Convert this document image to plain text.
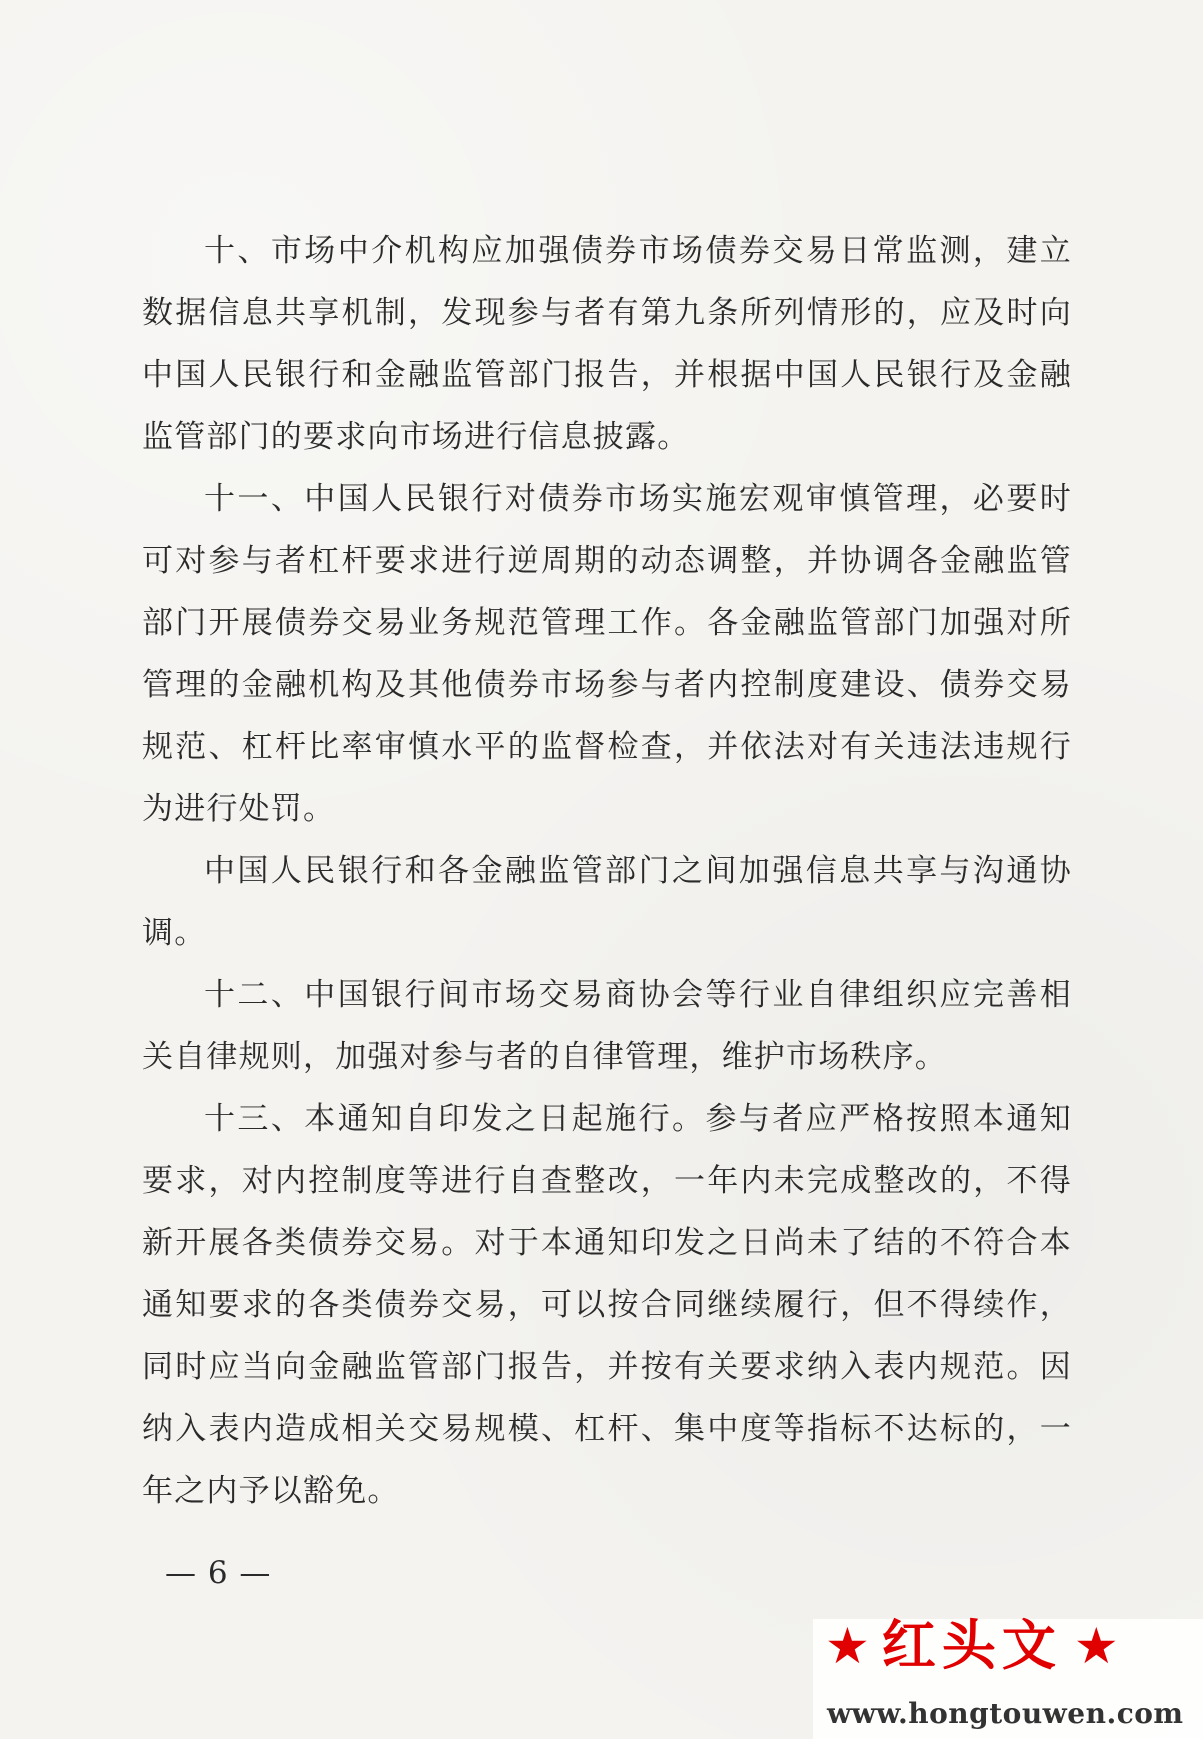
十、市场中介机构应加强债券市场债券交易日常监测，建立数据信息共享机制，发现参与者有第九条所列情形的，应及时向中国人民银行和金融监管部门报告，并根据中国人民银行及金融监管部门的要求向市场进行信息披露。

十一、中国人民银行对债券市场实施宏观审慎管理，必要时可对参与者杠杆要求进行逆周期的动态调整，并协调各金融监管部门开展债券交易业务规范管理工作。各金融监管部门加强对所管理的金融机构及其他债券市场参与者内控制度建设、债券交易规范、杠杆比率审慎水平的监督检查，并依法对有关违法违规行为进行处罚。

中国人民银行和各金融监管部门之间加强信息共享与沟通协调。

十二、中国银行间市场交易商协会等行业自律组织应完善相关自律规则，加强对参与者的自律管理，维护市场秩序。

十三、本通知自印发之日起施行。参与者应严格按照本通知要求，对内控制度等进行自查整改，一年内未完成整改的，不得新开展各类债券交易。对于本通知印发之日尚未了结的不符合本通知要求的各类债券交易，可以按合同继续履行，但不得续作，同时应当向金融监管部门报告，并按有关要求纳入表内规范。因纳入表内造成相关交易规模、杠杆、集中度等指标不达标的，一年之内予以豁免。

— 6 —
★ 红头文 ★
www.hongtouwen.com
